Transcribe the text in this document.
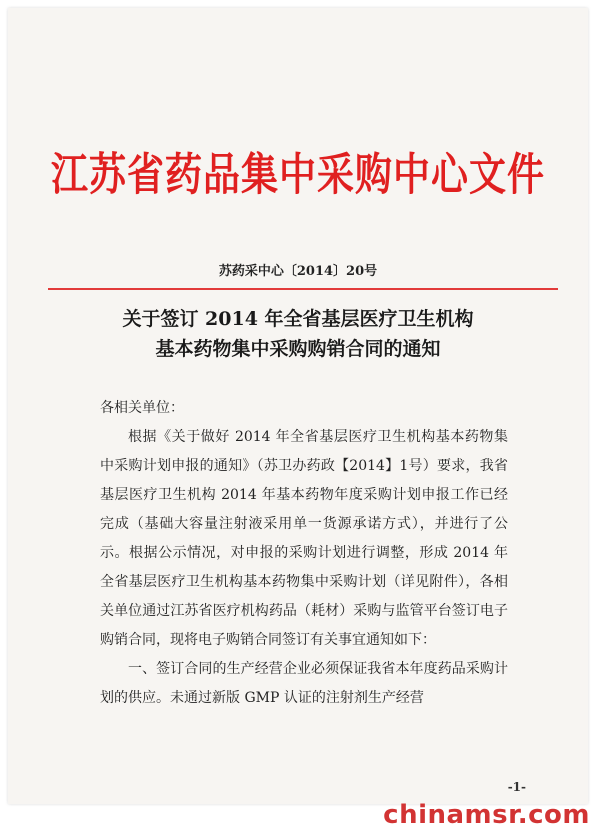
江苏省药品集中采购中心文件
苏药采中心〔2014〕20号
关于签订 2014 年全省基层医疗卫生机构
基本药物集中采购购销合同的通知

各相关单位：

根据《关于做好 2014 年全省基层医疗卫生机构基本药物集中采购计划申报的通知》（苏卫办药政【2014】1号）要求，我省基层医疗卫生机构 2014 年基本药物年度采购计划申报工作已经完成（基础大容量注射液采用单一货源承诺方式），并进行了公示。根据公示情况，对申报的采购计划进行调整，形成 2014 年全省基层医疗卫生机构基本药物集中采购计划（详见附件），各相关单位通过江苏省医疗机构药品（耗材）采购与监管平台签订电子购销合同，现将电子购销合同签订有关事宜通知如下：

一、签订合同的生产经营企业必须保证我省本年度药品采购计划的供应。未通过新版 GMP 认证的注射剂生产经营

-1-
chinamsr.com
